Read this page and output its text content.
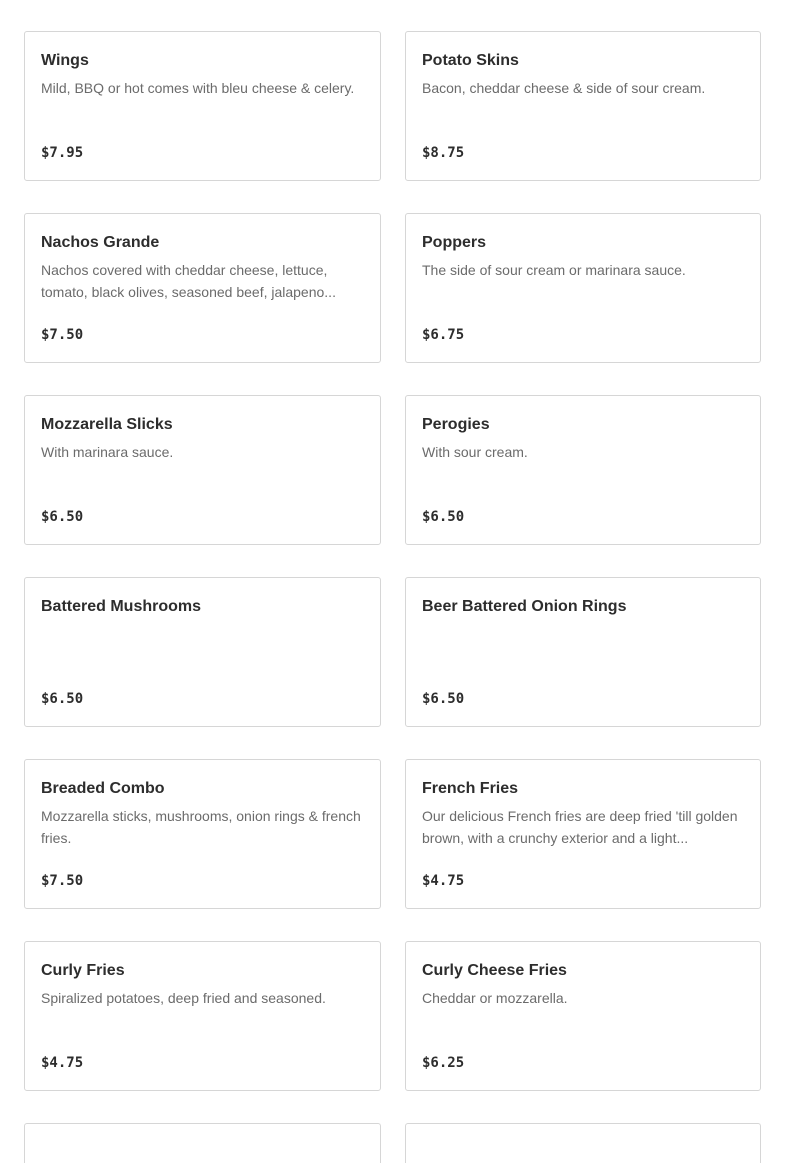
Wings
Mild, BBQ or hot comes with bleu cheese & celery.
$7.95
Potato Skins
Bacon, cheddar cheese & side of sour cream.
$8.75
Nachos Grande
Nachos covered with cheddar cheese, lettuce, tomato, black olives, seasoned beef, jalapeno...
$7.50
Poppers
The side of sour cream or marinara sauce.
$6.75
Mozzarella Slicks
With marinara sauce.
$6.50
Perogies
With sour cream.
$6.50
Battered Mushrooms
$6.50
Beer Battered Onion Rings
$6.50
Breaded Combo
Mozzarella sticks, mushrooms, onion rings & french fries.
$7.50
French Fries
Our delicious French fries are deep fried 'till golden brown, with a crunchy exterior and a light...
$4.75
Curly Fries
Spiralized potatoes, deep fried and seasoned.
$4.75
Curly Cheese Fries
Cheddar or mozzarella.
$6.25
